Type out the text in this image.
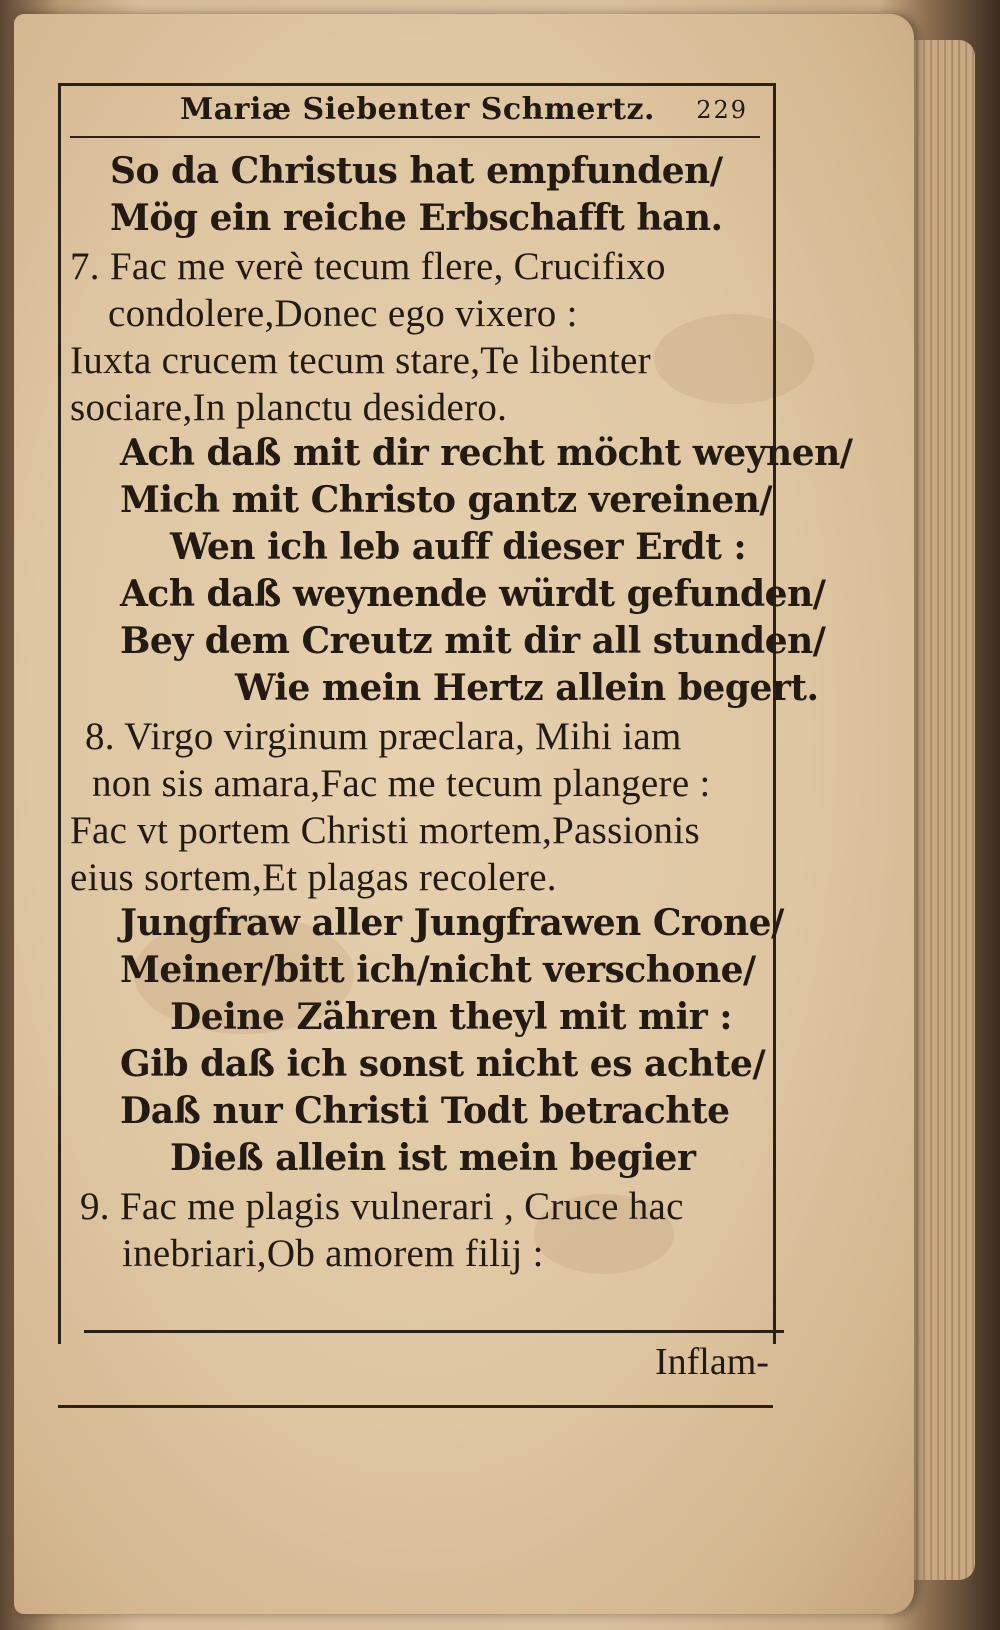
Mariæ Siebenter Schmertz. 229
So da Christus hat empfunden/
Mög ein reiche Erbschafft han.
7. Fac me verè tecum flere, Crucifixo
condolere,Donec ego vixero :
Iuxta crucem tecum stare,Te libenter
sociare,In planctu desidero.
Ach daß mit dir recht möcht weynen/
Mich mit Christo gantz vereinen/
Wen ich leb auff dieser Erdt :
Ach daß weynende würdt gefunden/
Bey dem Creutz mit dir all stunden/
Wie mein Hertz allein begert.
8. Virgo virginum præclara, Mihi iam
non sis amara,Fac me tecum plangere :
Fac vt portem Christi mortem,Passionis
eius sortem,Et plagas recolere.
Jungfraw aller Jungfrawen Crone/
Meiner/bitt ich/nicht verschone/
Deine Zähren theyl mit mir :
Gib daß ich sonst nicht es achte/
Daß nur Christi Todt betrachte
Dieß allein ist mein begier
9. Fac me plagis vulnerari , Cruce hac
inebriari,Ob amorem filij :
Inflam-
